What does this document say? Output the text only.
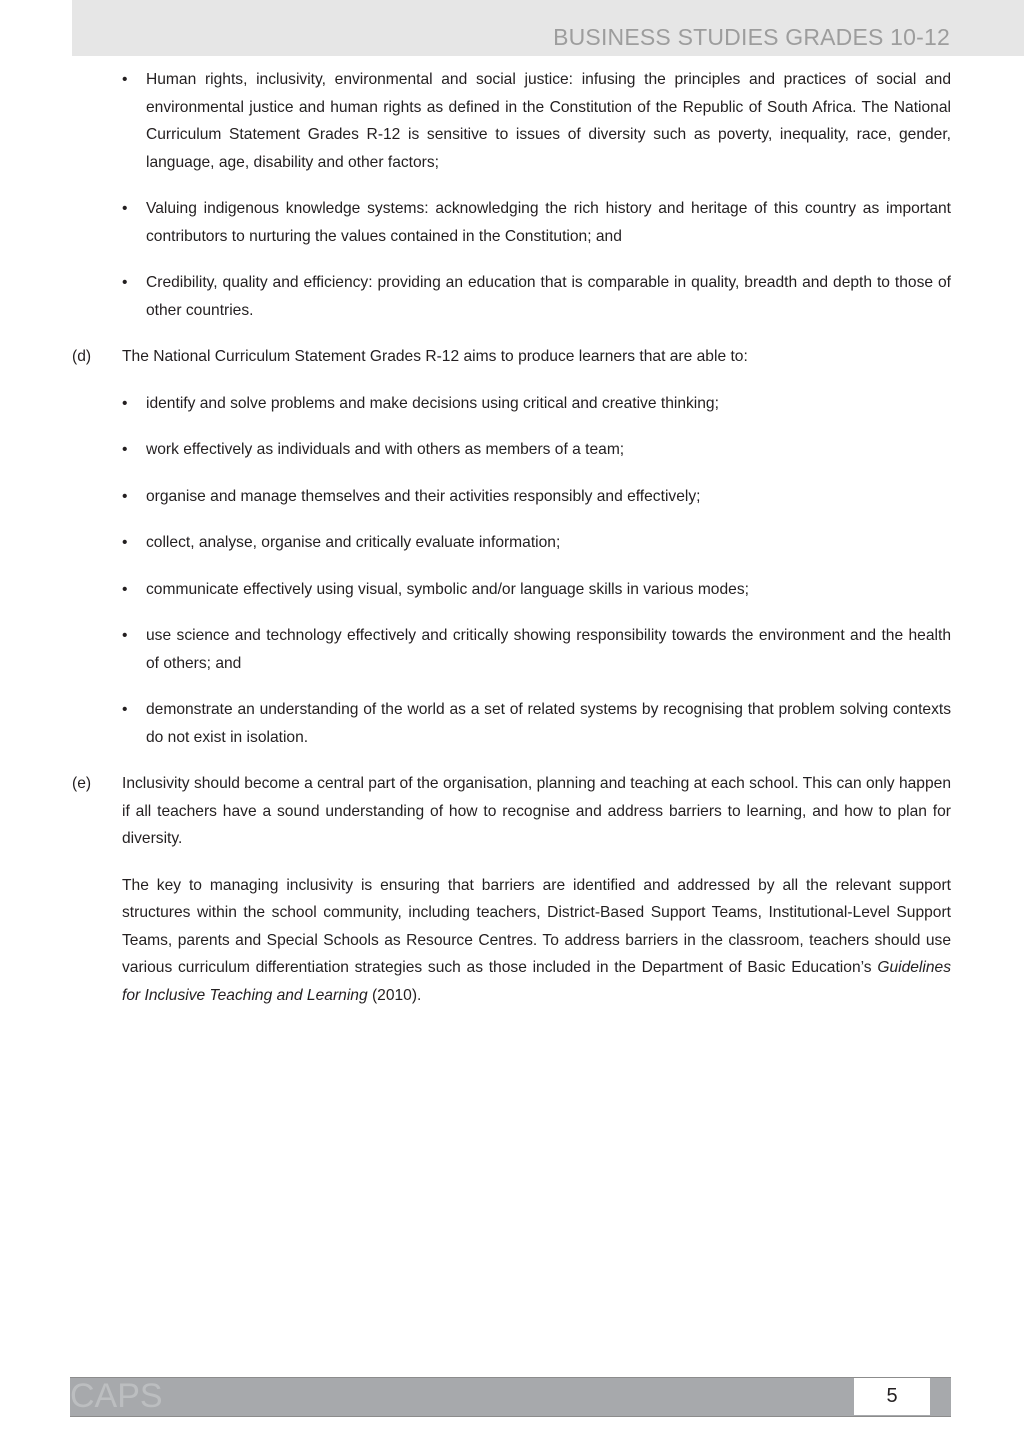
BUSINESS STUDIES GRADES 10-12
• Human rights, inclusivity, environmental and social justice: infusing the principles and practices of social and environmental justice and human rights as defined in the Constitution of the Republic of South Africa. The National Curriculum Statement Grades R-12 is sensitive to issues of diversity such as poverty, inequality, race, gender, language, age, disability and other factors;
• Valuing indigenous knowledge systems: acknowledging the rich history and heritage of this country as important contributors to nurturing the values contained in the Constitution; and
• Credibility, quality and efficiency: providing an education that is comparable in quality, breadth and depth to those of other countries.
(d) The National Curriculum Statement Grades R-12 aims to produce learners that are able to:
• identify and solve problems and make decisions using critical and creative thinking;
• work effectively as individuals and with others as members of a team;
• organise and manage themselves and their activities responsibly and effectively;
• collect, analyse, organise and critically evaluate information;
• communicate effectively using visual, symbolic and/or language skills in various modes;
• use science and technology effectively and critically showing responsibility towards the environment and the health of others; and
• demonstrate an understanding of the world as a set of related systems by recognising that problem solving contexts do not exist in isolation.
(e) Inclusivity should become a central part of the organisation, planning and teaching at each school. This can only happen if all teachers have a sound understanding of how to recognise and address barriers to learning, and how to plan for diversity.
The key to managing inclusivity is ensuring that barriers are identified and addressed by all the relevant support structures within the school community, including teachers, District-Based Support Teams, Institutional-Level Support Teams, parents and Special Schools as Resource Centres. To address barriers in the classroom, teachers should use various curriculum differentiation strategies such as those included in the Department of Basic Education’s Guidelines for Inclusive Teaching and Learning (2010).
CAPS	5
